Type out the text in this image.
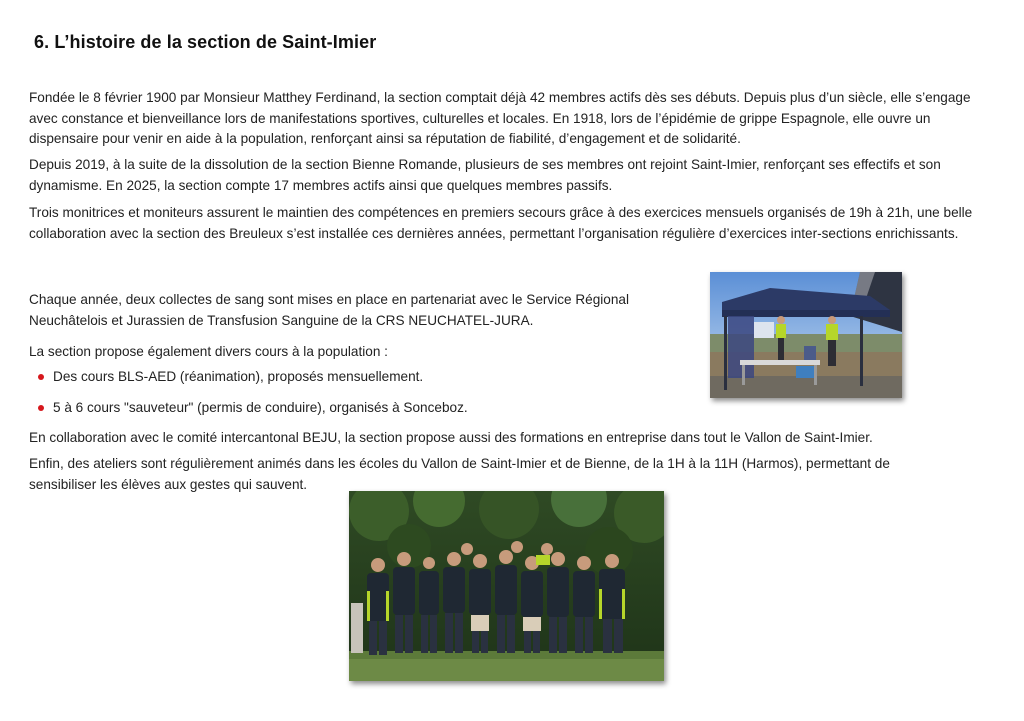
6. L’histoire de la section de Saint-Imier

Fondée le 8 février 1900 par Monsieur Matthey Ferdinand, la section comptait déjà 42 membres actifs dès ses débuts. Depuis plus d’un siècle, elle s’engage avec constance et bienveillance lors de manifestations sportives, culturelles et locales. En 1918, lors de l’épidémie de grippe Espagnole, elle ouvre un dispensaire pour venir en aide à la population, renforçant ainsi sa réputation de fiabilité, d’engagement et de solidarité.

Depuis 2019, à la suite de la dissolution de la section Bienne Romande, plusieurs de ses membres ont rejoint Saint-Imier, renforçant ses effectifs et son dynamisme. En 2025, la section compte 17 membres actifs ainsi que quelques membres passifs.

Trois monitrices et moniteurs assurent le maintien des compétences en premiers secours grâce à des exercices mensuels organisés de 19h à 21h, une belle collaboration avec la section des Breuleux s’est installée ces dernières années, permettant l’organisation régulière d’exercices inter-sections enrichissants.

Chaque année, deux collectes de sang sont mises en place en partenariat avec le Service Régional Neuchâtelois et Jurassien de Transfusion Sanguine de la CRS NEUCHATEL-JURA.

La section propose également divers cours à la population :

Des cours BLS-AED (réanimation), proposés mensuellement.
5 à 6 cours "sauveteur" (permis de conduire), organisés à Sonceboz.

En collaboration avec le comité intercantonal BEJU, la section propose aussi des formations en entreprise dans tout le Vallon de Saint-Imier.

Enfin, des ateliers sont régulièrement animés dans les écoles du Vallon de Saint-Imier et de Bienne, de la 1H à la 11H (Harmos), permettant de sensibiliser les élèves aux gestes qui sauvent.
